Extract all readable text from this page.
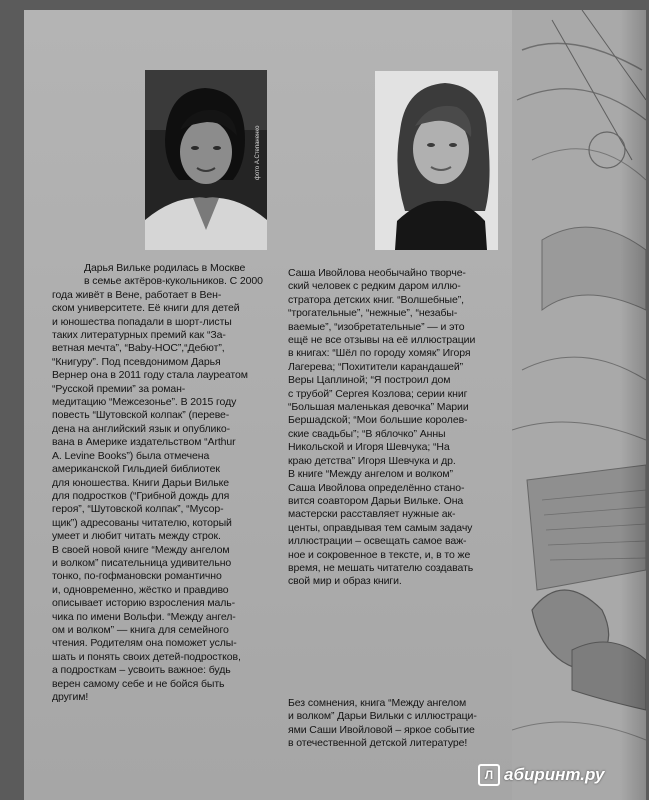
фото А.Степаненко

Дарья Вильке родилась в Москве

в семье актёров-кукольников. С 2000

года живёт в Вене, работает в Вен-

ском университете. Её книги для детей

и юношества попадали в шорт-листы

таких литературных премий как “За-

ветная мечта”, “Baby-НОС”,“Дебют”,

“Книгуру”. Под псевдонимом Дарья

Вернер она в 2011 году стала лауреатом

“Русской премии” за роман-

медитацию “Межсезонье”. В 2015 году

повесть “Шутовской колпак” (переве-

дена на английский язык и опублико-

вана в Америке издательством “Arthur

A. Levine Books”) была отмечена

американской Гильдией библиотек

для юношества. Книги Дарьи Вильке

для подростков (“Грибной дождь для

героя”, “Шутовской колпак”, “Мусор-

щик”) адресованы читателю, который

умеет и любит читать между строк.

В своей новой книге “Между ангелом

и волком” писательница удивительно

тонко, по-гофмановски романтично

и, одновременно, жёстко и правдиво

описывает историю взросления маль-

чика по имени Вольфи. “Между ангел-

ом и волком” — книга для семейного

чтения. Родителям она поможет услы-

шать и понять своих детей-подростков,

а подросткам – усвоить важное: будь

верен самому себе и не бойся быть

другим!

Саша Ивойлова необычайно творче-

ский человек с редким даром иллю-

стратора детских книг. “Волшебные”,

“трогательные”, “нежные”, “незабы-

ваемые”, “изобретательные” — и это

ещё не все отзывы на её иллюстрации

в книгах: “Шёл по городу хомяк” Игоря

Лагерева; “Похитители карандашей”

Веры Цаплиной; “Я построил дом

с трубой” Сергея Козлова; серии книг

“Большая маленькая девочка” Марии

Бершадской; “Мои большие королев-

ские свадьбы”; “В яблочко” Анны

Никольской и Игоря Шевчука; “На

краю детства” Игоря Шевчука и др.

В книге “Между ангелом и волком”

Саша Ивойлова определённо стано-

вится соавтором Дарьи Вильке. Она

мастерски расставляет нужные ак-

центы, оправдывая тем самым задачу

иллюстрации – освещать самое важ-

ное и сокровенное в тексте, и, в то же

время, не мешать читателю создавать

свой мир и образ книги.

Без сомнения, книга “Между ангелом

и волком” Дарьи Вильки с иллюстраци-

ями Саши Ивойловой – яркое событие

в отечественной детской литературе!

Л абиринт.ру
